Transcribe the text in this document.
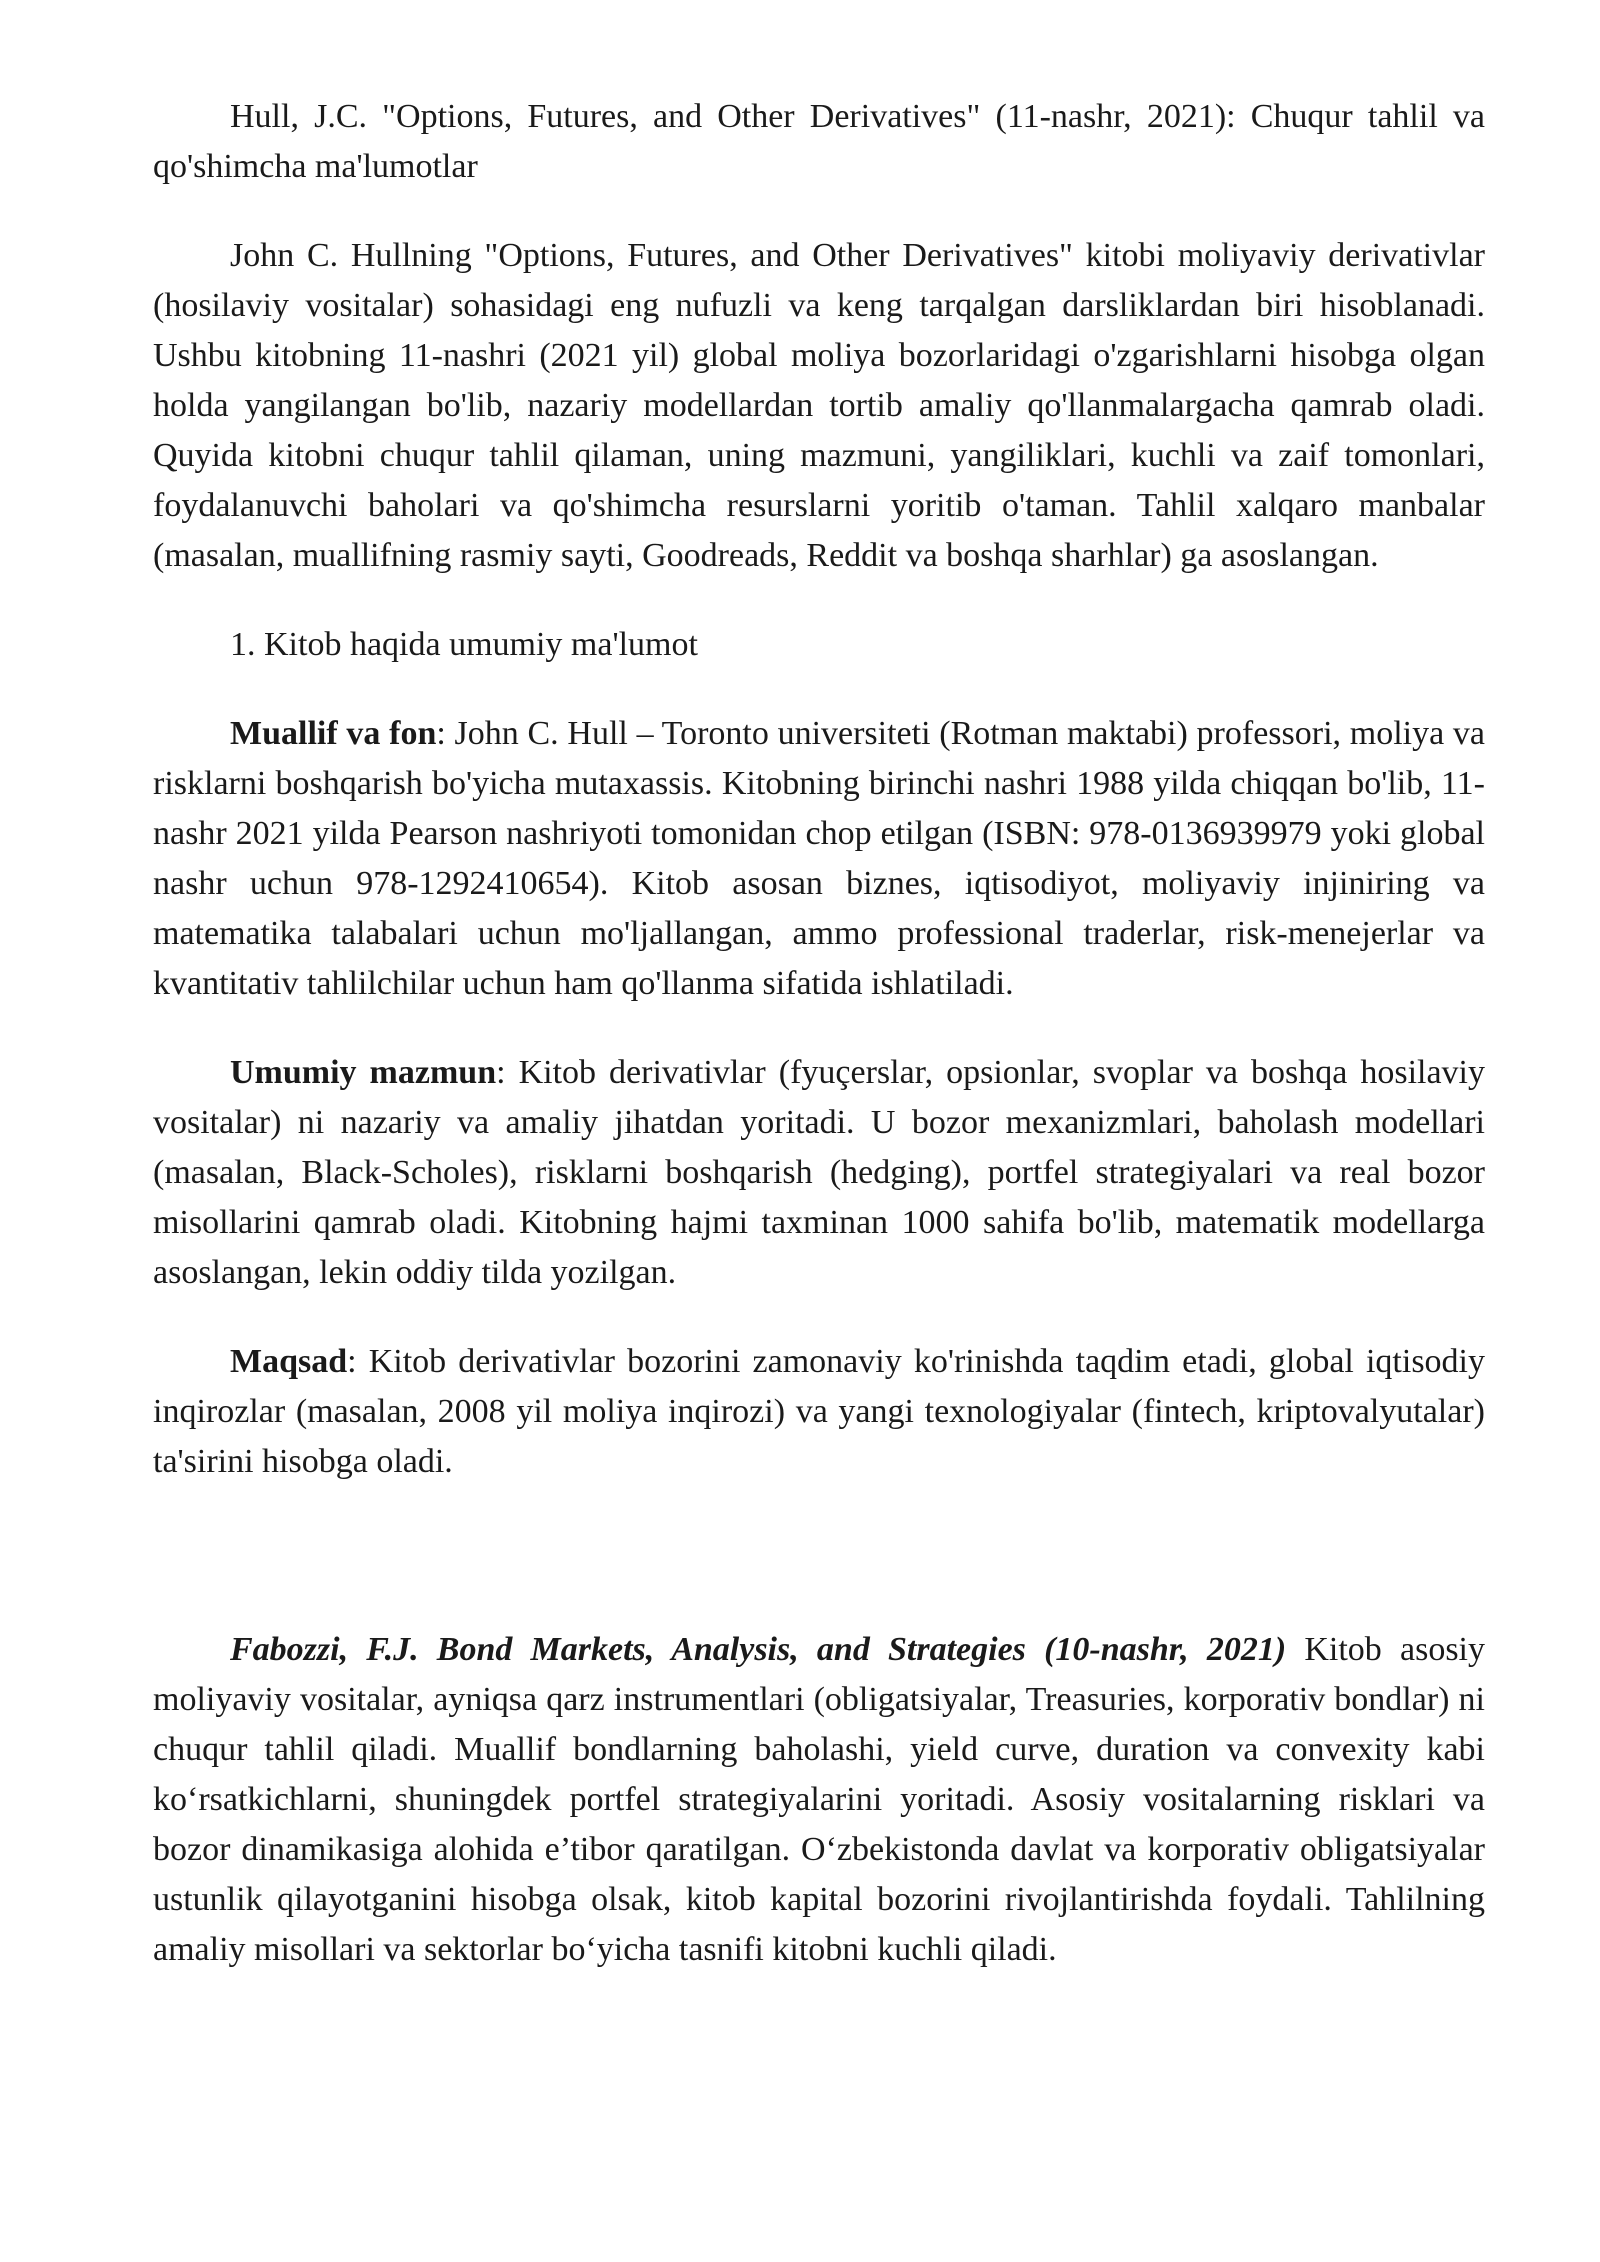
Hull, J.C. "Options, Futures, and Other Derivatives" (11-nashr, 2021): Chuqur tahlil va qo'shimcha ma'lumotlar

John C. Hullning "Options, Futures, and Other Derivatives" kitobi moliyaviy derivativlar (hosilaviy vositalar) sohasidagi eng nufuzli va keng tarqalgan darsliklardan biri hisoblanadi. Ushbu kitobning 11-nashri (2021 yil) global moliya bozorlaridagi o'zgarishlarni hisobga olgan holda yangilangan bo'lib, nazariy modellardan tortib amaliy qo'llanmalargacha qamrab oladi. Quyida kitobni chuqur tahlil qilaman, uning mazmuni, yangiliklari, kuchli va zaif tomonlari, foydalanuvchi baholari va qo'shimcha resurslarni yoritib o'taman. Tahlil xalqaro manbalar (masalan, muallifning rasmiy sayti, Goodreads, Reddit va boshqa sharhlar) ga asoslangan.

1. Kitob haqida umumiy ma'lumot

Muallif va fon: John C. Hull – Toronto universiteti (Rotman maktabi) professori, moliya va risklarni boshqarish bo'yicha mutaxassis. Kitobning birinchi nashri 1988 yilda chiqqan bo'lib, 11-nashr 2021 yilda Pearson nashriyoti tomonidan chop etilgan (ISBN: 978-0136939979 yoki global nashr uchun 978-1292410654). Kitob asosan biznes, iqtisodiyot, moliyaviy injiniring va matematika talabalari uchun mo'ljallangan, ammo professional traderlar, risk-menejerlar va kvantitativ tahlilchilar uchun ham qo'llanma sifatida ishlatiladi.

Umumiy mazmun: Kitob derivativlar (fyuçerslar, opsionlar, svoplar va boshqa hosilaviy vositalar) ni nazariy va amaliy jihatdan yoritadi. U bozor mexanizmlari, baholash modellari (masalan, Black-Scholes), risklarni boshqarish (hedging), portfel strategiyalari va real bozor misollarini qamrab oladi. Kitobning hajmi taxminan 1000 sahifa bo'lib, matematik modellarga asoslangan, lekin oddiy tilda yozilgan.

Maqsad: Kitob derivativlar bozorini zamonaviy ko'rinishda taqdim etadi, global iqtisodiy inqirozlar (masalan, 2008 yil moliya inqirozi) va yangi texnologiyalar (fintech, kriptovalyutalar) ta'sirini hisobga oladi.

Fabozzi, F.J. Bond Markets, Analysis, and Strategies (10-nashr, 2021) Kitob asosiy moliyaviy vositalar, ayniqsa qarz instrumentlari (obligatsiyalar, Treasuries, korporativ bondlar) ni chuqur tahlil qiladi. Muallif bondlarning baholashi, yield curve, duration va convexity kabi ko‘rsatkichlarni, shuningdek portfel strategiyalarini yoritadi. Asosiy vositalarning risklari va bozor dinamikasiga alohida e’tibor qaratilgan. O‘zbekistonda davlat va korporativ obligatsiyalar ustunlik qilayotganini hisobga olsak, kitob kapital bozorini rivojlantirishda foydali. Tahlilning amaliy misollari va sektorlar bo‘yicha tasnifi kitobni kuchli qiladi.
